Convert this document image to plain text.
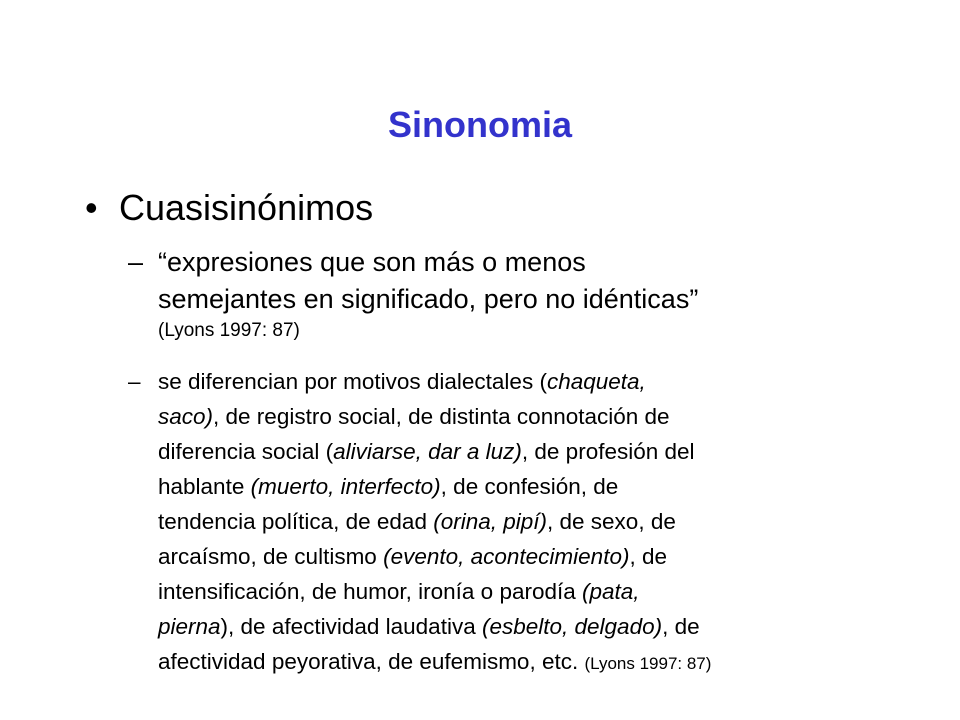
Sinonomia
• Cuasisinónimos
– “expresiones que son más o menos
semejantes en significado, pero no idénticas”
(Lyons 1997: 87)
– se diferencian por motivos dialectales (chaqueta,
saco), de registro social, de distinta connotación de
diferencia social (aliviarse, dar a luz), de profesión del
hablante (muerto, interfecto), de confesión, de
tendencia política, de edad (orina, pipí), de sexo, de
arcaísmo, de cultismo (evento, acontecimiento), de
intensificación, de humor, ironía o parodía (pata,
pierna), de afectividad laudativa (esbelto, delgado), de
afectividad peyorativa, de eufemismo, etc. (Lyons 1997: 87)
